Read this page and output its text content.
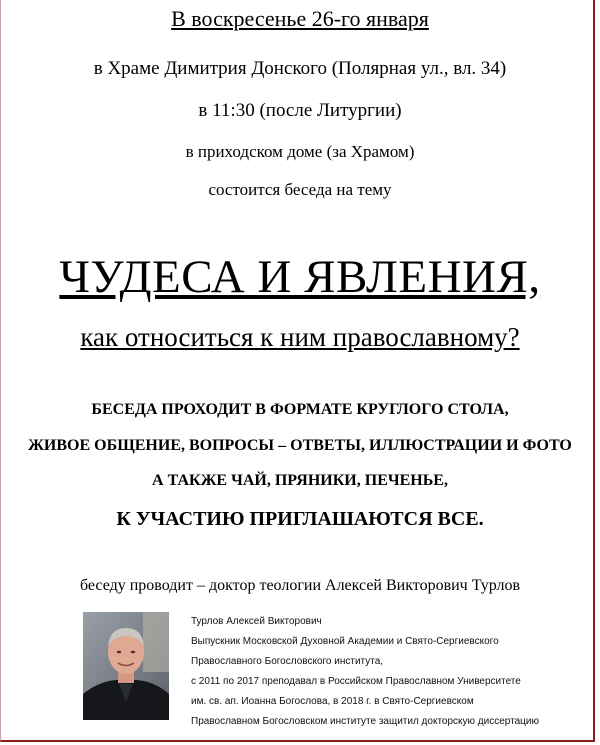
В воскресенье 26-го января
в Храме Димитрия Донского (Полярная ул., вл. 34)
в 11:30 (после Литургии)
в приходском доме (за Храмом)
состоится беседа на тему
ЧУДЕСА И ЯВЛЕНИЯ,
как относиться к ним православному?
БЕСЕДА ПРОХОДИТ В ФОРМАТЕ КРУГЛОГО СТОЛА,
ЖИВОЕ ОБЩЕНИЕ, ВОПРОСЫ – ОТВЕТЫ, ИЛЛЮСТРАЦИИ И ФОТО
А ТАКЖЕ ЧАЙ, ПРЯНИКИ, ПЕЧЕНЬЕ,
К УЧАСТИЮ ПРИГЛАШАЮТСЯ ВСЕ.
беседу проводит – доктор теологии Алексей Викторович Турлов
Турлов Алексей Викторович
Выпускник Московской Духовной Академии и Свято-Сергиевского
Православного Богословского института,
с 2011 по 2017 преподавал в Российском Православном Университете
им. св. ап. Иоанна Богослова, в 2018 г. в Свято-Сергиевском
Православном Богословском институте защитил докторскую диссертацию
